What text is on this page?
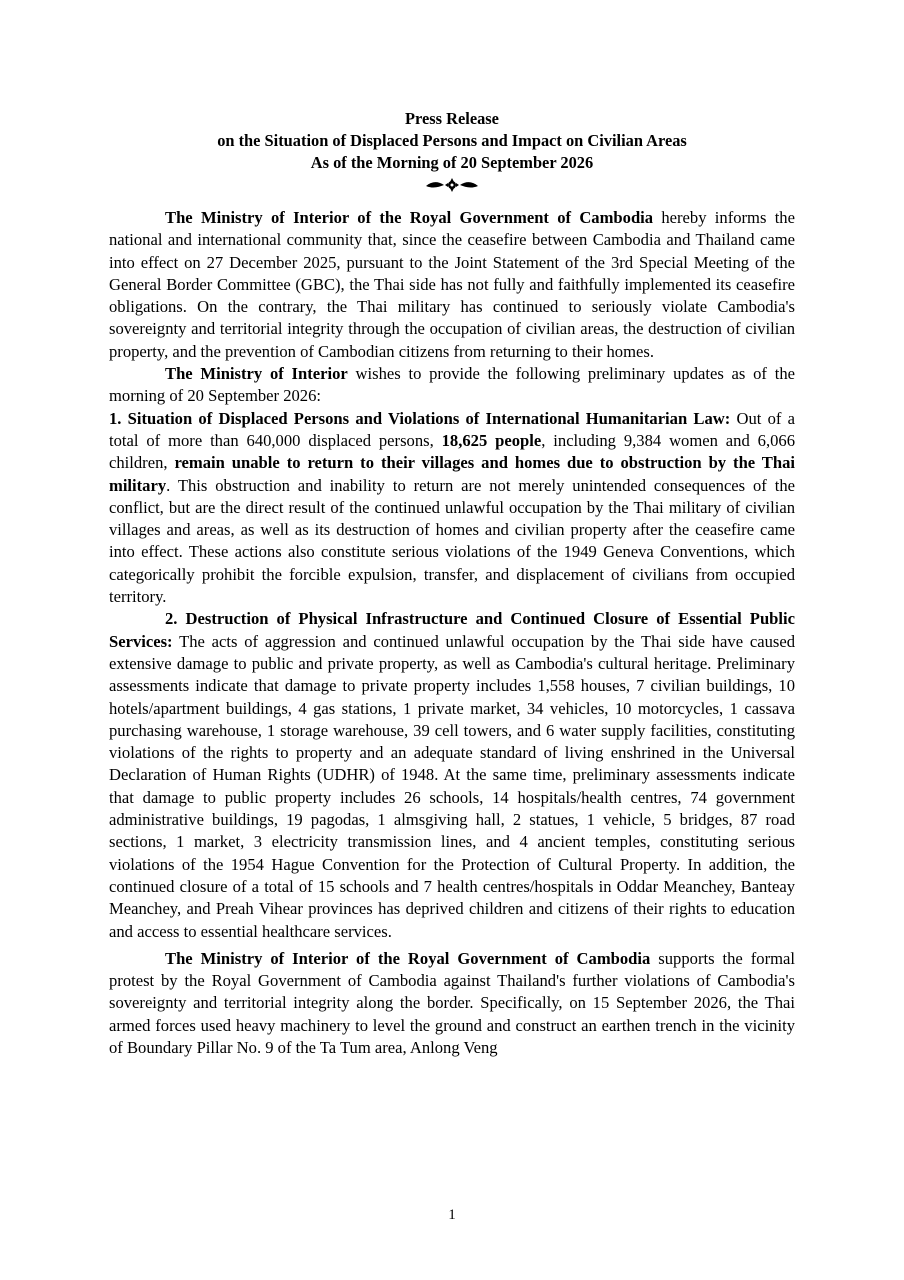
Press Release
on the Situation of Displaced Persons and Impact on Civilian Areas
As of the Morning of 20 September 2026

The Ministry of Interior of the Royal Government of Cambodia hereby informs the national and international community that, since the ceasefire between Cambodia and Thailand came into effect on 27 December 2025, pursuant to the Joint Statement of the 3rd Special Meeting of the General Border Committee (GBC), the Thai side has not fully and faithfully implemented its ceasefire obligations. On the contrary, the Thai military has continued to seriously violate Cambodia's sovereignty and territorial integrity through the occupation of civilian areas, the destruction of civilian property, and the prevention of Cambodian citizens from returning to their homes.

The Ministry of Interior wishes to provide the following preliminary updates as of the morning of 20 September 2026:

1. Situation of Displaced Persons and Violations of International Humanitarian Law: Out of a total of more than 640,000 displaced persons, 18,625 people, including 9,384 women and 6,066 children, remain unable to return to their villages and homes due to obstruction by the Thai military. This obstruction and inability to return are not merely unintended consequences of the conflict, but are the direct result of the continued unlawful occupation by the Thai military of civilian villages and areas, as well as its destruction of homes and civilian property after the ceasefire came into effect. These actions also constitute serious violations of the 1949 Geneva Conventions, which categorically prohibit the forcible expulsion, transfer, and displacement of civilians from occupied territory.

2. Destruction of Physical Infrastructure and Continued Closure of Essential Public Services: The acts of aggression and continued unlawful occupation by the Thai side have caused extensive damage to public and private property, as well as Cambodia's cultural heritage. Preliminary assessments indicate that damage to private property includes 1,558 houses, 7 civilian buildings, 10 hotels/apartment buildings, 4 gas stations, 1 private market, 34 vehicles, 10 motorcycles, 1 cassava purchasing warehouse, 1 storage warehouse, 39 cell towers, and 6 water supply facilities, constituting violations of the rights to property and an adequate standard of living enshrined in the Universal Declaration of Human Rights (UDHR) of 1948. At the same time, preliminary assessments indicate that damage to public property includes 26 schools, 14 hospitals/health centres, 74 government administrative buildings, 19 pagodas, 1 almsgiving hall, 2 statues, 1 vehicle, 5 bridges, 87 road sections, 1 market, 3 electricity transmission lines, and 4 ancient temples, constituting serious violations of the 1954 Hague Convention for the Protection of Cultural Property. In addition, the continued closure of a total of 15 schools and 7 health centres/hospitals in Oddar Meanchey, Banteay Meanchey, and Preah Vihear provinces has deprived children and citizens of their rights to education and access to essential healthcare services.

The Ministry of Interior of the Royal Government of Cambodia supports the formal protest by the Royal Government of Cambodia against Thailand's further violations of Cambodia's sovereignty and territorial integrity along the border. Specifically, on 15 September 2026, the Thai armed forces used heavy machinery to level the ground and construct an earthen trench in the vicinity of Boundary Pillar No. 9 of the Ta Tum area, Anlong Veng

1
